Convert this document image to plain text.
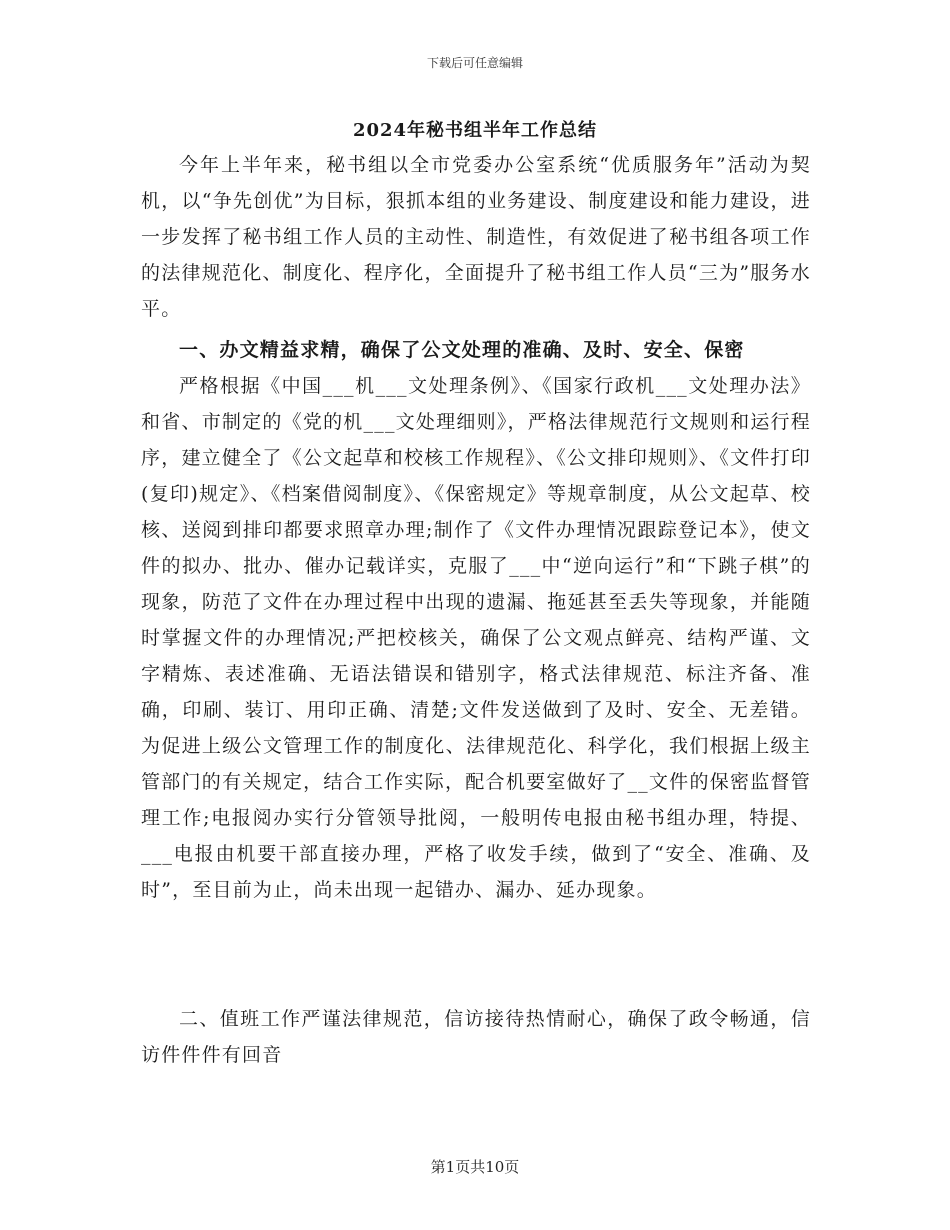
下载后可任意编辑
2024年秘书组半年工作总结
今年上半年来，秘书组以全市党委办公室系统“优质服务年”活动为契机，以“争先创优”为目标，狠抓本组的业务建设、制度建设和能力建设，进一步发挥了秘书组工作人员的主动性、制造性，有效促进了秘书组各项工作的法律规范化、制度化、程序化，全面提升了秘书组工作人员“三为”服务水平。
一、办文精益求精，确保了公文处理的准确、及时、安全、保密
严格根据《中国___机___文处理条例》、《国家行政机___文处理办法》和省、市制定的《党的机___文处理细则》，严格法律规范行文规则和运行程序，建立健全了《公文起草和校核工作规程》、《公文排印规则》、《文件打印(复印)规定》、《档案借阅制度》、《保密规定》等规章制度，从公文起草、校核、送阅到排印都要求照章办理;制作了《文件办理情况跟踪登记本》，使文件的拟办、批办、催办记载详实，克服了___中“逆向运行”和“下跳子棋”的现象，防范了文件在办理过程中出现的遗漏、拖延甚至丢失等现象，并能随时掌握文件的办理情况;严把校核关，确保了公文观点鲜亮、结构严谨、文字精炼、表述准确、无语法错误和错别字，格式法律规范、标注齐备、准确，印刷、装订、用印正确、清楚;文件发送做到了及时、安全、无差错。为促进上级公文管理工作的制度化、法律规范化、科学化，我们根据上级主管部门的有关规定，结合工作实际，配合机要室做好了__文件的保密监督管理工作;电报阅办实行分管领导批阅，一般明传电报由秘书组办理，特提、___电报由机要干部直接办理，严格了收发手续，做到了“安全、准确、及时”，至目前为止，尚未出现一起错办、漏办、延办现象。
二、值班工作严谨法律规范，信访接待热情耐心，确保了政令畅通，信访件件件有回音
第1页共10页
